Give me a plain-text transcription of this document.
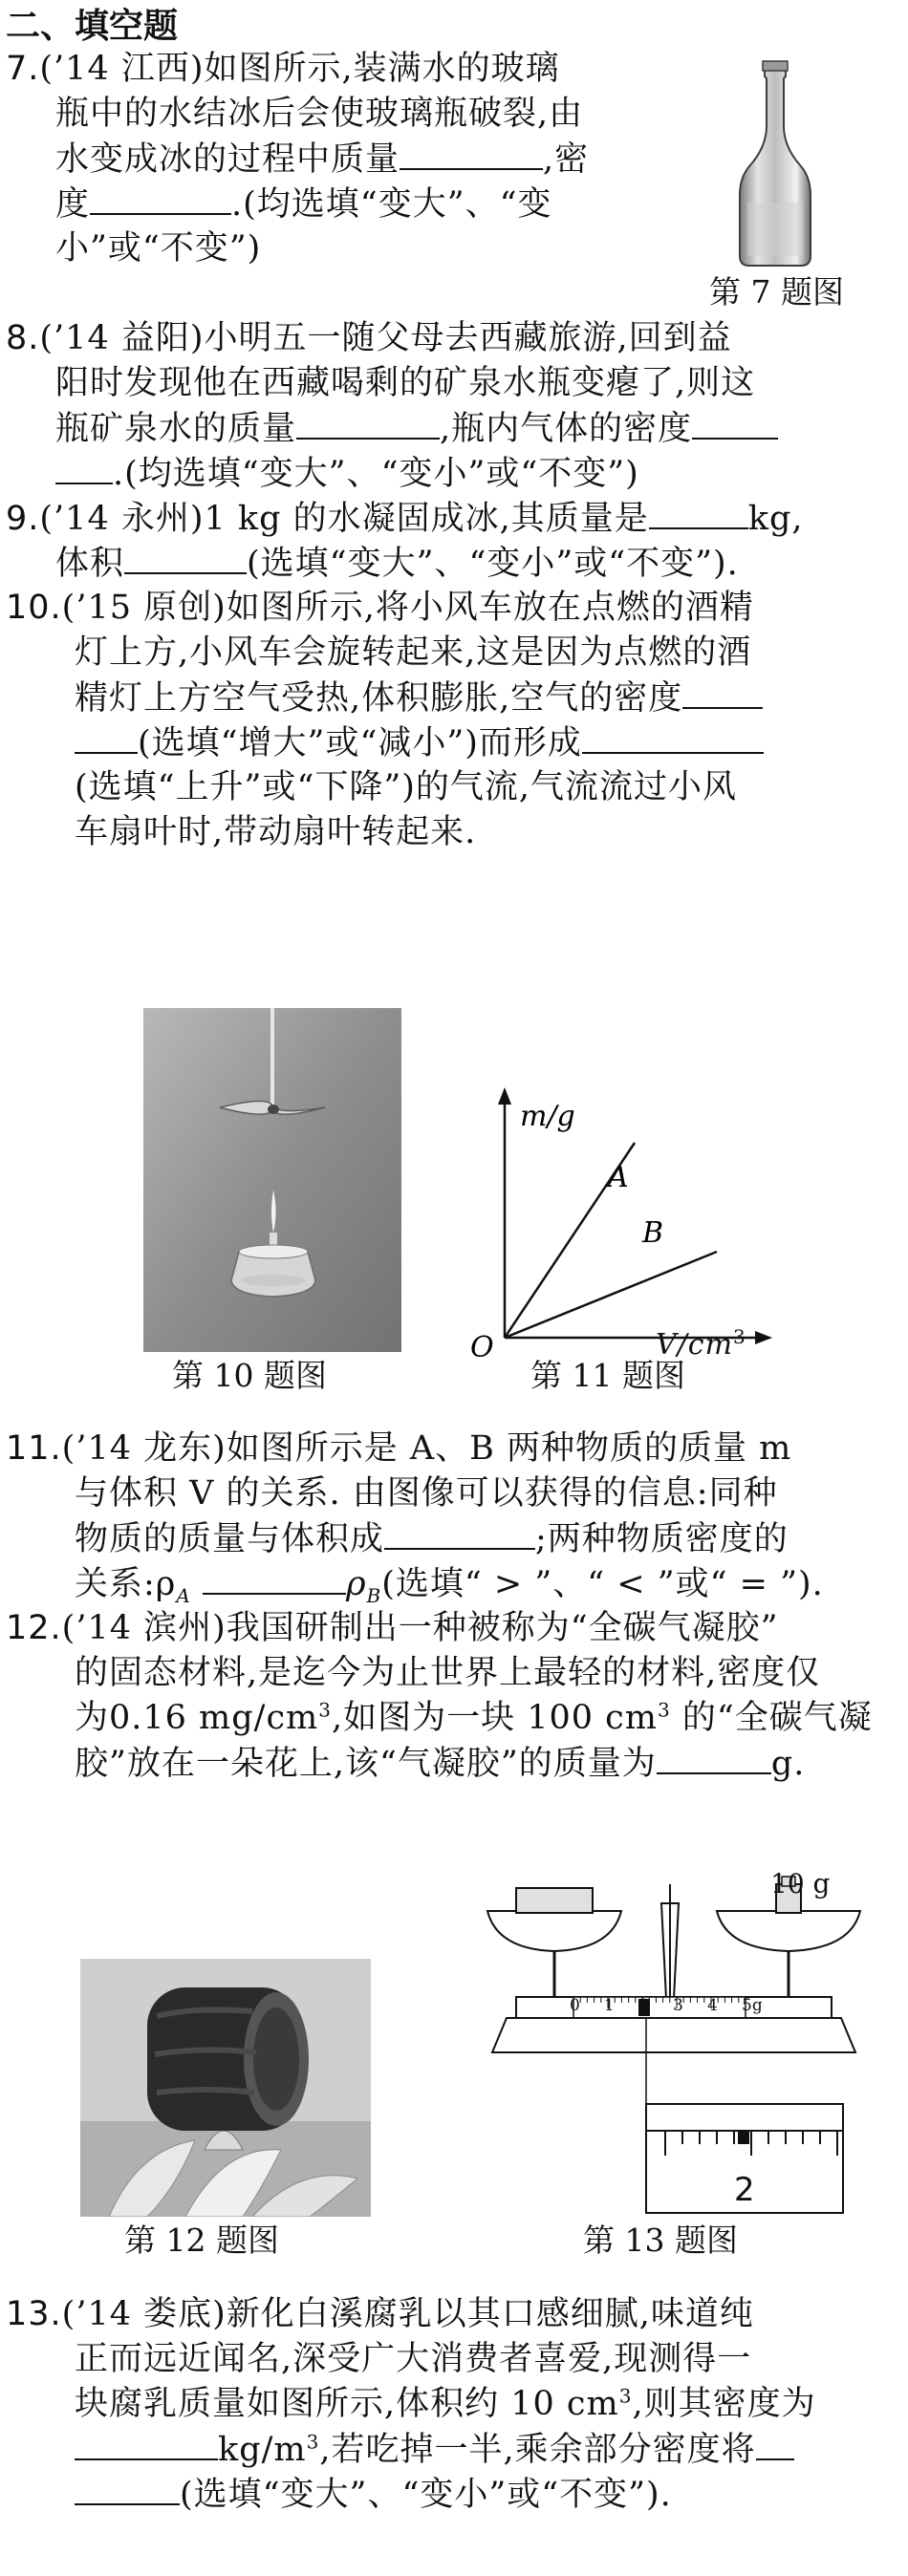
二、填空题
7.(’14 江西)如图所示,装满水的玻璃
瓶中的水结冰后会使玻璃瓶破裂,由
水变成冰的过程中质量	,密
度	.(均选填“变大”、“变
小”或“不变”)
第 7 题图
8.(’14 益阳)小明五一随父母去西藏旅游,回到益
阳时发现他在西藏喝剩的矿泉水瓶变瘪了,则这
瓶矿泉水的质量	,瓶内气体的密度
.(均选填“变大”、“变小”或“不变”)
9.(’14 永州)1 kg 的水凝固成冰,其质量是	kg,
体积	(选填“变大”、“变小”或“不变”).
10.(’15 原创)如图所示,将小风车放在点燃的酒精
灯上方,小风车会旋转起来,这是因为点燃的酒
精灯上方空气受热,体积膨胀,空气的密度
(选填“增大”或“减小”)而形成
(选填“上升”或“下降”)的气流,气流流过小风
车扇叶时,带动扇叶转起来.
第 10 题图
m/g
A
B
O	$V/cm^3$
第 11 题图
11.(’14 龙东)如图所示是 A、B 两种物质的质量 m
与体积 V 的关系. 由图像可以获得的信息:同种
物质的质量与体积成	;两种物质密度的
关系$:\rho_A$	$\rho_B$(选填“ > ”、“ < ”或“ = ”).
12.(’14 滨州)我国研制出一种被称为“全碳气凝胶”
的固态材料,是迄今为止世界上最轻的材料,密度仅
为0.16 $mg/cm^3$,如图为一块 100 $cm^3$ 的“全碳气凝
胶”放在一朵花上,该“气凝胶”的质量为	g.
第 12 题图
10 g
2
0 1 2 3 4 5g
第 13 题图
13.(’14 娄底)新化白溪腐乳以其口感细腻,味道纯
正而远近闻名,深受广大消费者喜爱,现测得一
块腐乳质量如图所示,体积约 10 $cm^3$,则其密度为
$kg/m^3$,若吃掉一半,乘余部分密度将
(选填“变大”、“变小”或“不变”).
